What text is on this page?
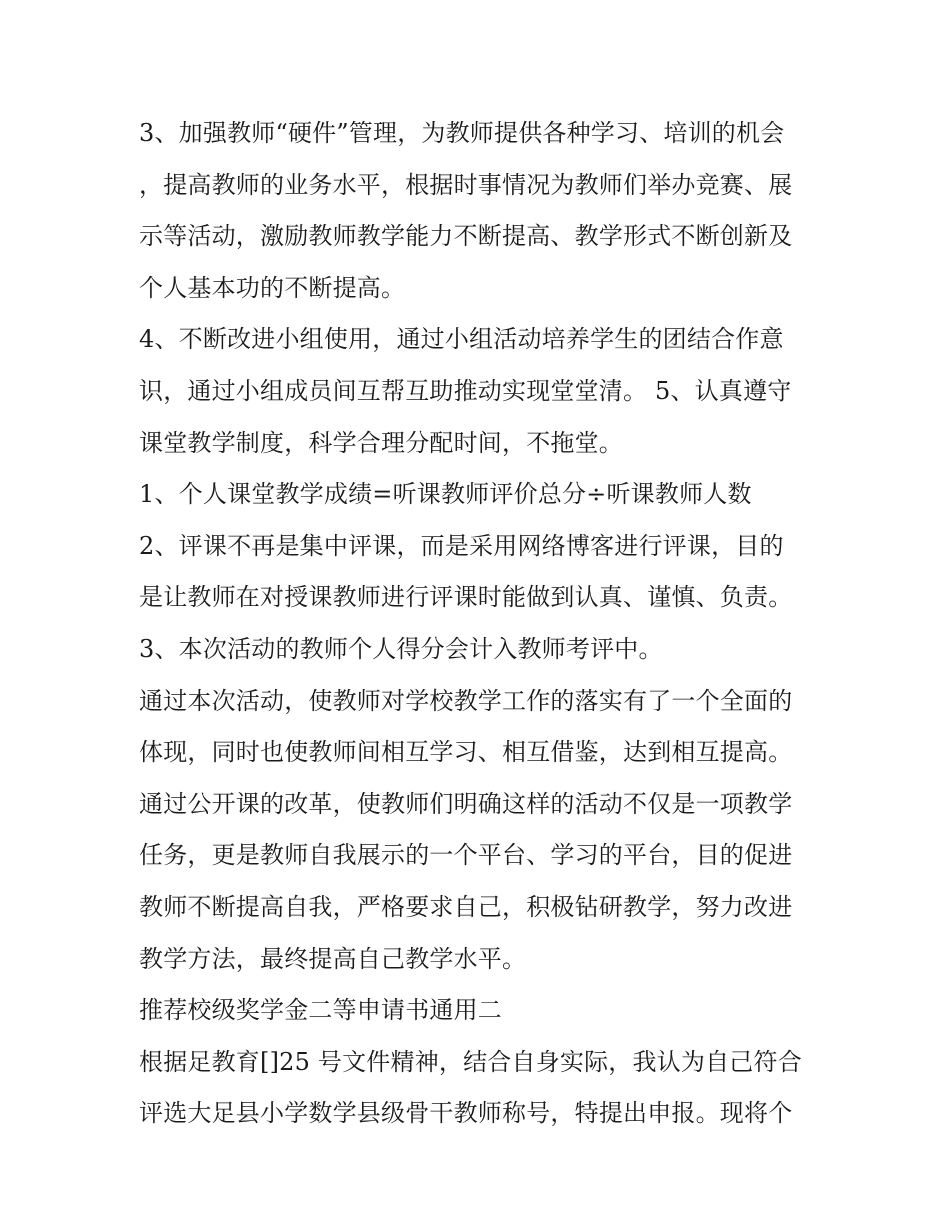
3、加强教师“硬件”管理，为教师提供各种学习、培训的机会
，提高教师的业务水平，根据时事情况为教师们举办竞赛、展
示等活动，激励教师教学能力不断提高、教学形式不断创新及
个人基本功的不断提高。
4、不断改进小组使用，通过小组活动培养学生的团结合作意
识，通过小组成员间互帮互助推动实现堂堂清。 5、认真遵守
课堂教学制度，科学合理分配时间，不拖堂。
1、个人课堂教学成绩=听课教师评价总分÷听课教师人数
2、评课不再是集中评课，而是采用网络博客进行评课，目的
是让教师在对授课教师进行评课时能做到认真、谨慎、负责。
3、本次活动的教师个人得分会计入教师考评中。
通过本次活动，使教师对学校教学工作的落实有了一个全面的
体现，同时也使教师间相互学习、相互借鉴，达到相互提高。
通过公开课的改革，使教师们明确这样的活动不仅是一项教学
任务，更是教师自我展示的一个平台、学习的平台，目的促进
教师不断提高自我，严格要求自己，积极钻研教学，努力改进
教学方法，最终提高自己教学水平。
推荐校级奖学金二等申请书通用二
根据足教育[]25 号文件精神，结合自身实际，我认为自己符合
评选大足县小学数学县级骨干教师称号，特提出申报。现将个
